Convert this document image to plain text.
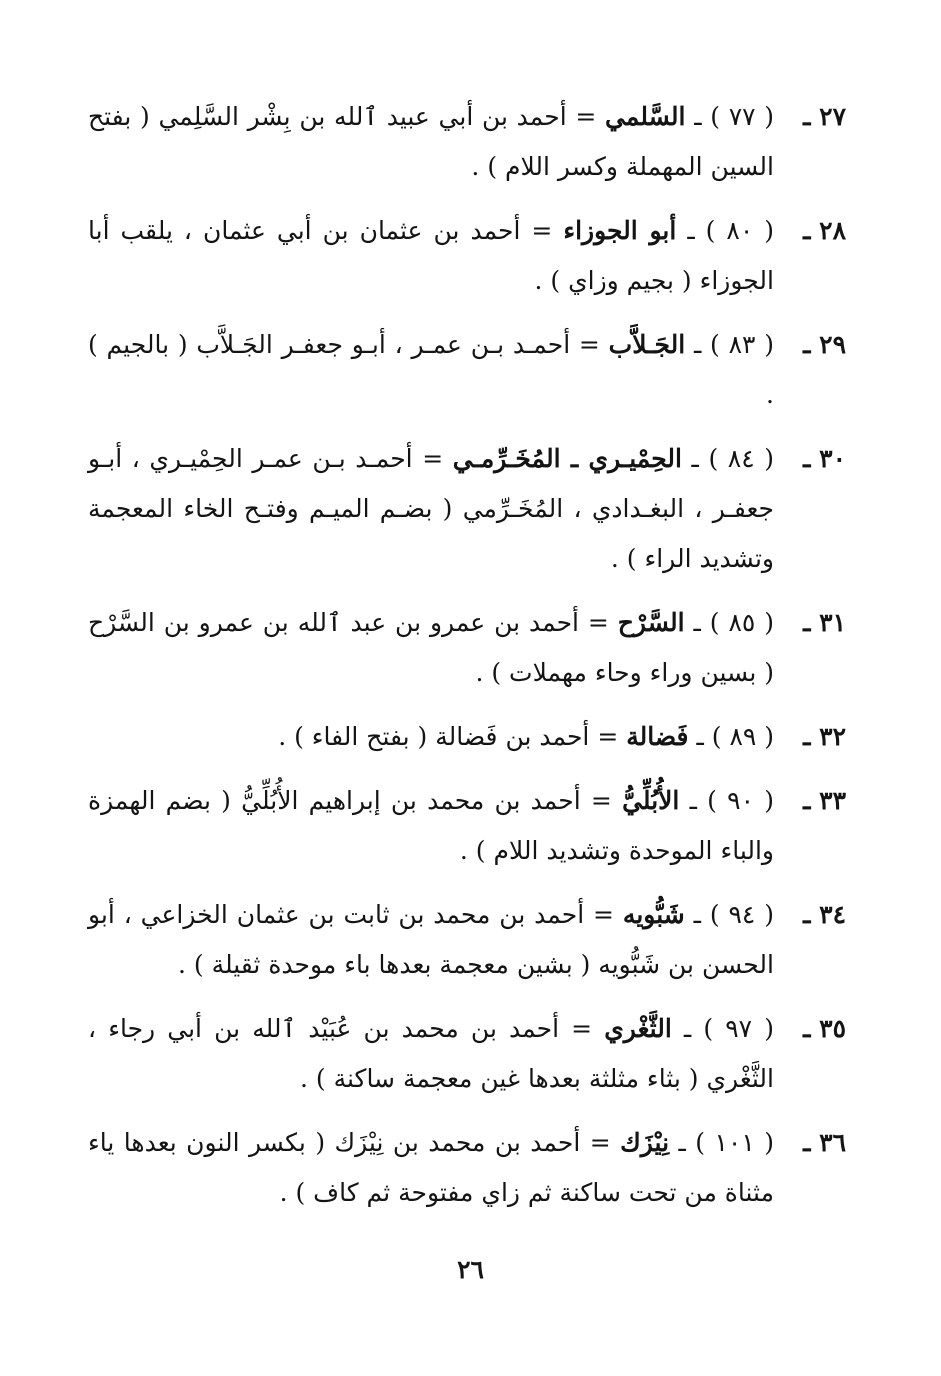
٢٧ ـ
( ٧٧ ) ـ السَّلمي = أحمد بن أبي عبيد ٱلله بن بِشْر السَّلِمي ( بفتح السين المهملة وكسر اللام ) .
٢٨ ـ
( ٨٠ ) ـ أبو الجوزاء = أحمد بن عثمان بن أبي عثمان ، يلقب أبا الجوزاء ( بجيم وزاي ) .
٢٩ ـ
( ٨٣ ) ـ الجَـلاَّب = أحمـد بـن عمـر ، أبـو جعفـر الجَـلاَّب ( بالجيم ) .
٣٠ ـ
( ٨٤ ) ـ الحِمْيـري ـ المُخَـرِّمـي = أحمـد بـن عمـر الحِمْيـري ، أبـو جعفـر ، البغـدادي ، المُخَـرِّمي ( بضـم الميـم وفتـح الخاء المعجمة وتشديد الراء ) .
٣١ ـ
( ٨٥ ) ـ السَّرْح = أحمد بن عمرو بن عبد ٱلله بن عمرو بن السَّرْح ( بسين وراء وحاء مهملات ) .
٣٢ ـ
( ٨٩ ) ـ فَضالة = أحمد بن فَضالة ( بفتح الفاء ) .
٣٣ ـ
( ٩٠ ) ـ الأُبُلِّيُّ = أحمد بن محمد بن إبراهيم الأُبُلِّيُّ ( بضم الهمزة والباء الموحدة وتشديد اللام ) .
٣٤ ـ
( ٩٤ ) ـ شَبُّويه = أحمد بن محمد بن ثابت بن عثمان الخزاعي ، أبو الحسن بن شَبُّويه ( بشين معجمة بعدها باء موحدة ثقيلة ) .
٣٥ ـ
( ٩٧ ) ـ الثَّغْري = أحمد بن محمد بن عُبَيْد ٱلله بن أبي رجاء ، الثَّغْري ( بثاء مثلثة بعدها غين معجمة ساكنة ) .
٣٦ ـ
( ١٠١ ) ـ نِيْزَك = أحمد بن محمد بن نِيْزَك ( بكسر النون بعدها ياء مثناة من تحت ساكنة ثم زاي مفتوحة ثم كاف ) .
٢٦
